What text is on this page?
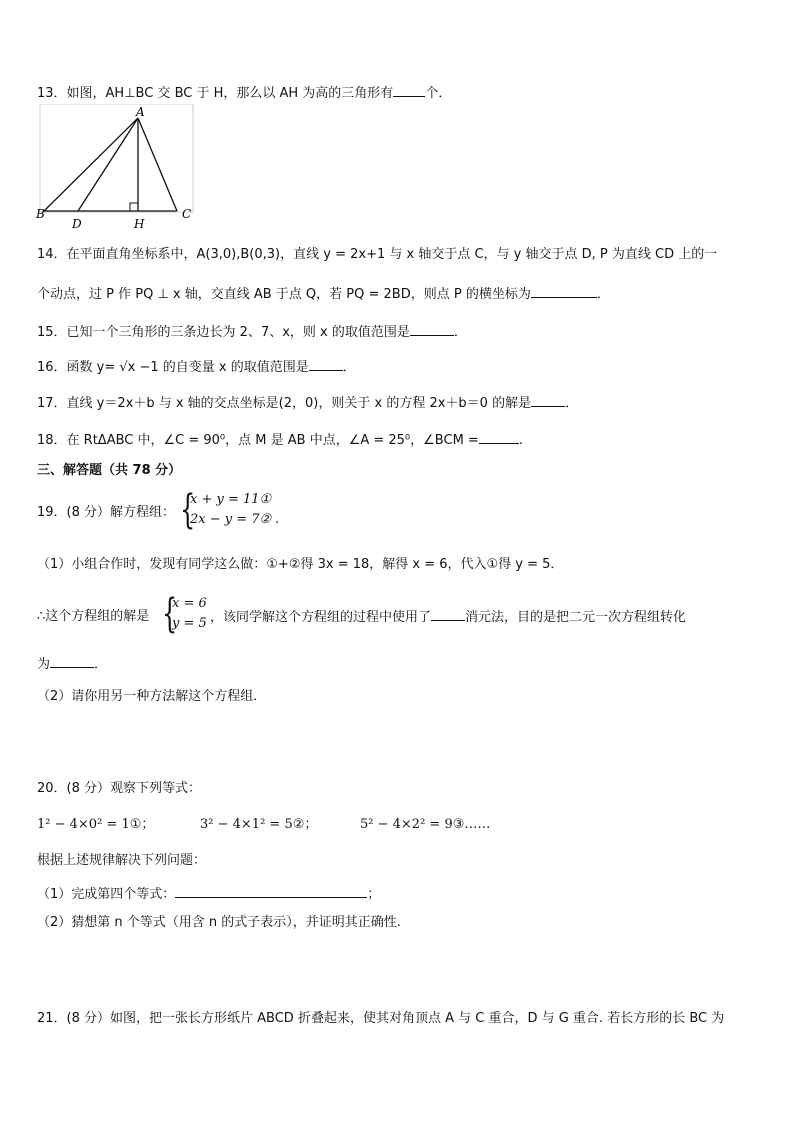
13．如图，AH⊥BC 交 BC 于 H，那么以 AH 为高的三角形有 个．
A
B
D	H
C
14．在平面直角坐标系中，A(3,0),B(0,3)，直线 y = 2x+1 与 x 轴交于点 C，与 y 轴交于点 D, P 为直线 CD 上的一
个动点，过 P 作 PQ ⊥ x 轴，交直线 AB 于点 Q，若 PQ = 2BD，则点 P 的横坐标为	．
15．已知一个三角形的三条边长为 2、7、x，则 x 的取值范围是	．
16．函数 y= √x −1 的自变量 x 的取值范围是	．
17．直线 y＝2x＋b 与 x 轴的交点坐标是(2，0)，则关于 x 的方程 2x＋b＝0 的解是	．
18．在 RtΔABC 中，∠C = 90⁰，点 M 是 AB 中点，∠A = 25⁰，∠BCM =	.
三、解答题（共 78 分）
19．(8 分）解方程组： {
x + y = 11①
2x − y = 7② .
（1）小组合作时，发现有同学这么做：①+②得 3x = 18，解得 x = 6，代入①得 y = 5．
∴这个方程组的解是 {
x = 6
y = 5 ，该同学解这个方程组的过程中使用了	消元法，目的是把二元一次方程组转化
为	．
（2）请你用另一种方法解这个方程组．
20．(8 分）观察下列等式：
1² − 4×0² = 1①；	3² − 4×1² = 5②；	5² − 4×2² = 9③……
根据上述规律解决下列问题：
（1）完成第四个等式：	；
（2）猜想第 n 个等式（用含 n 的式子表示），并证明其正确性.
21．(8 分）如图，把一张长方形纸片 ABCD 折叠起来，使其对角顶点 A 与 C 重合，D 与 G 重合. 若长方形的长 BC 为
